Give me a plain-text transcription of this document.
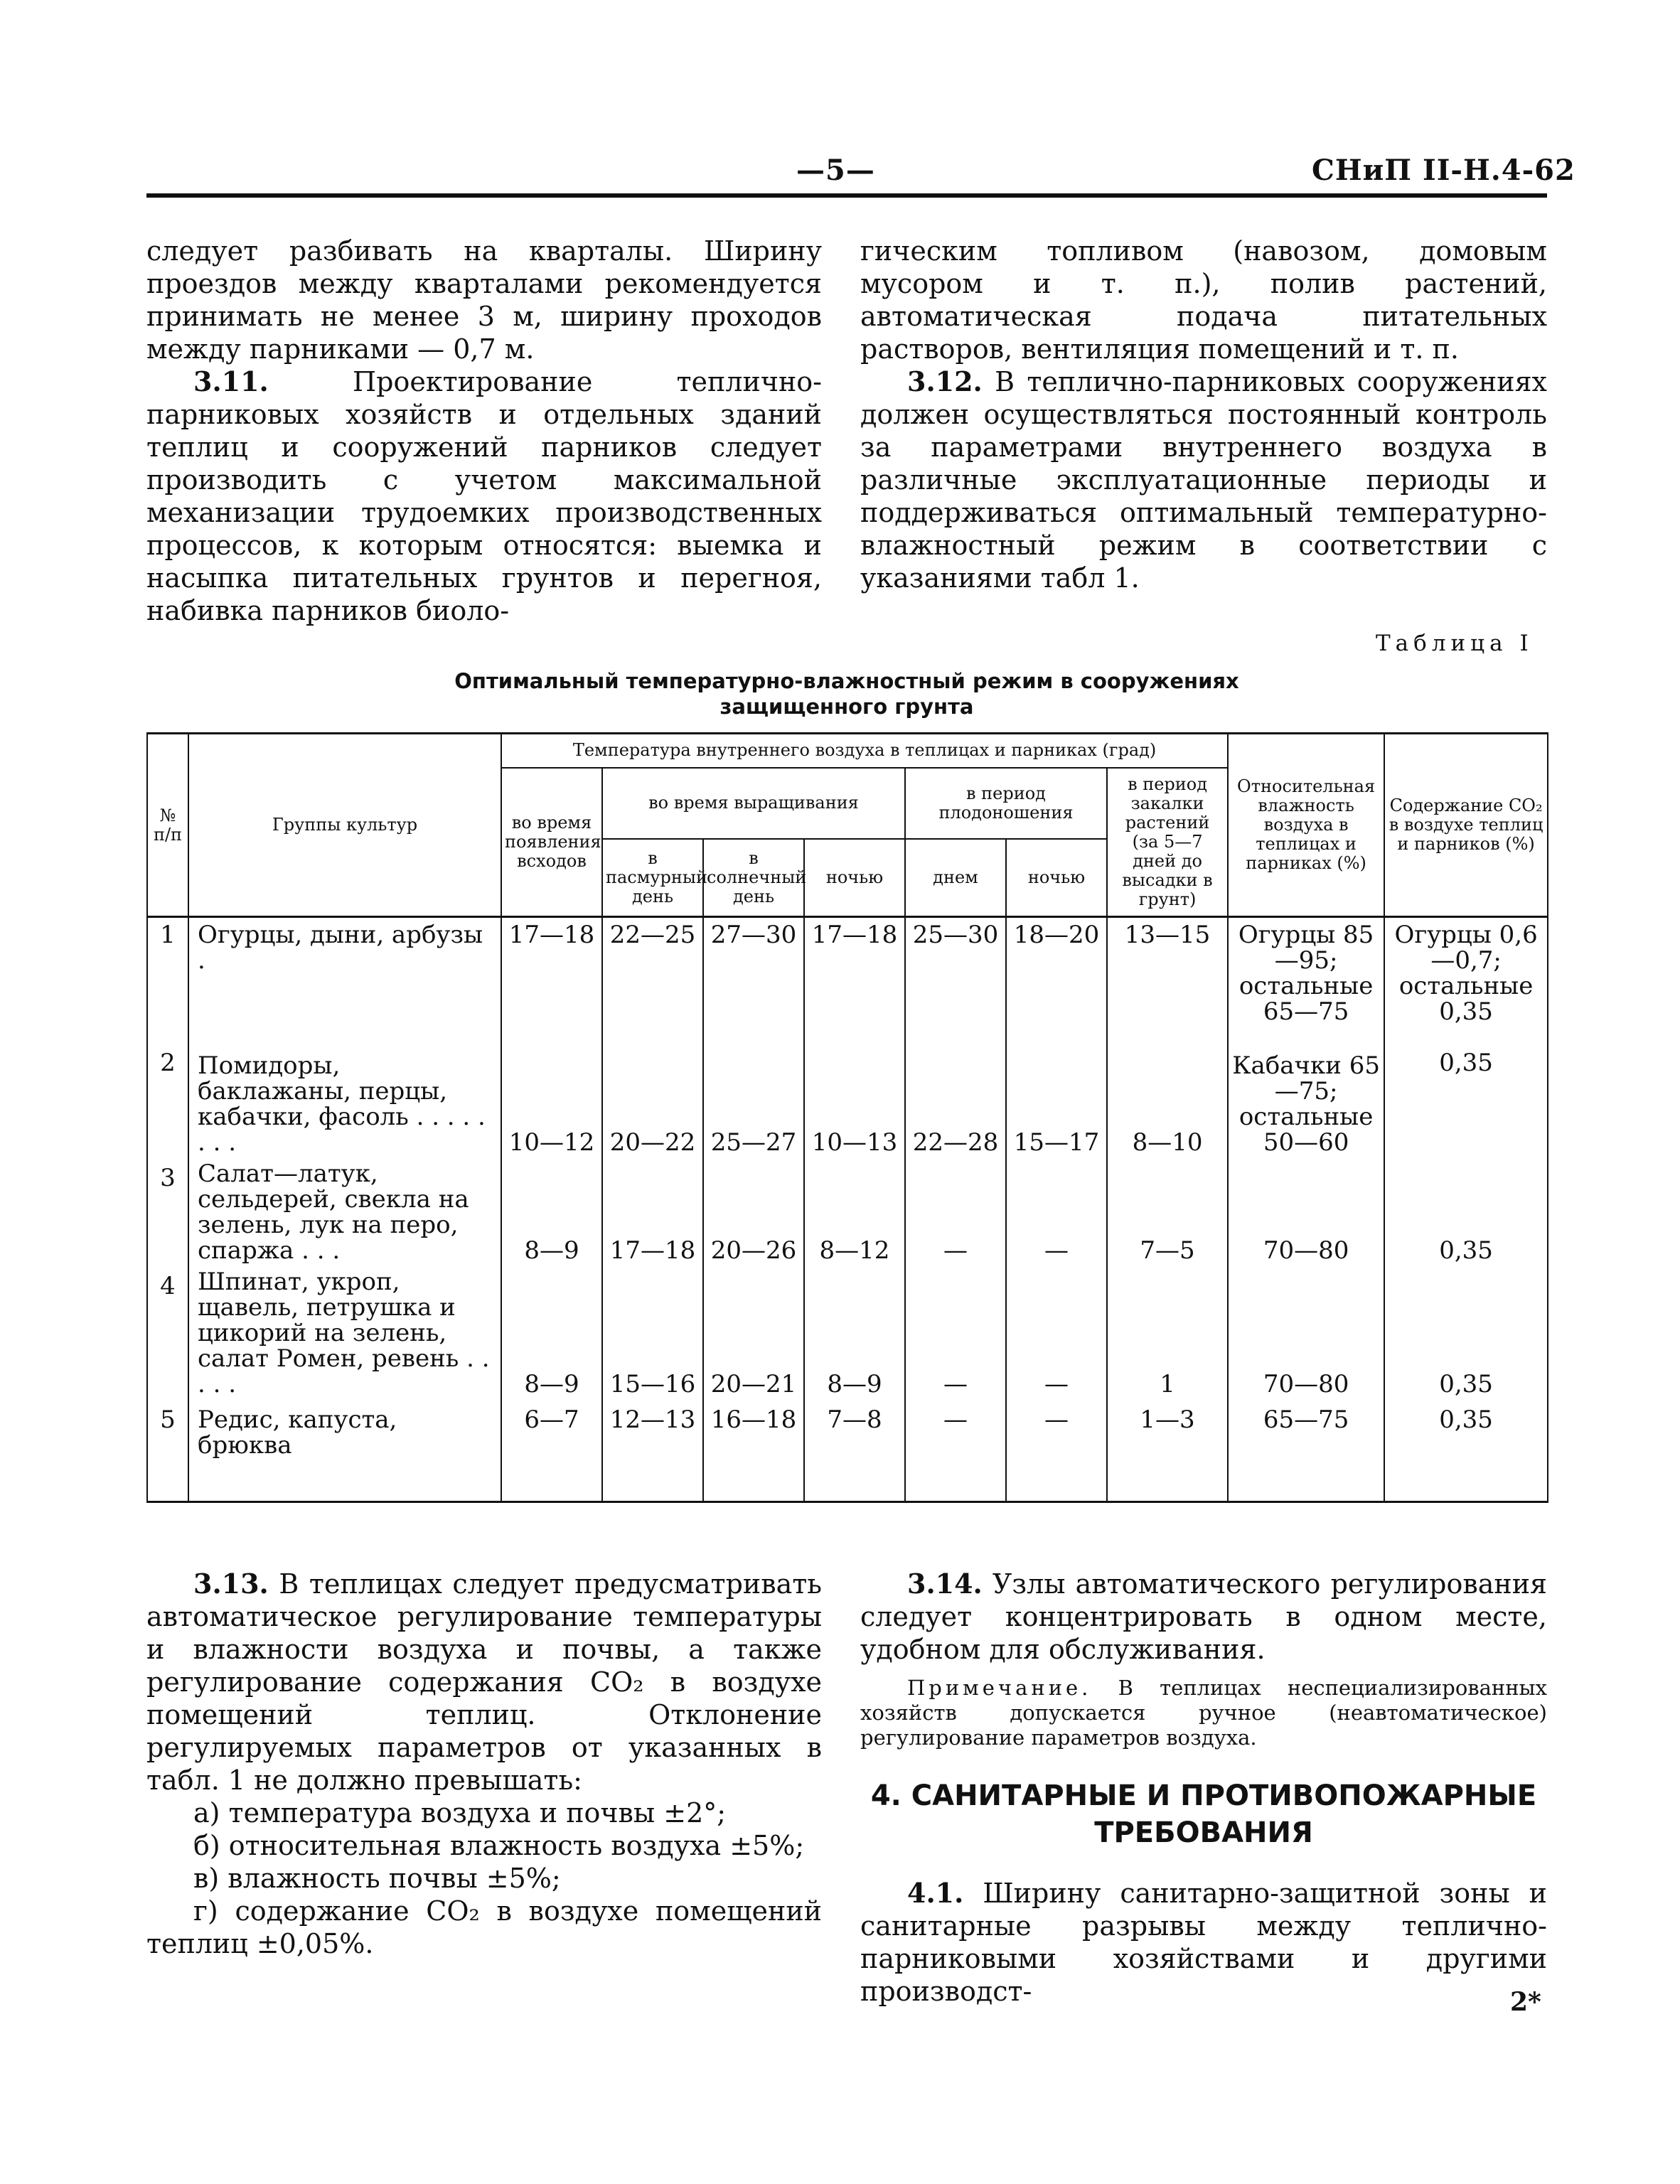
—5—	СНиП II-Н.4-62

следует разбивать на кварталы. Ширину проездов между кварталами рекомендуется принимать не менее 3 м, ширину проходов между парниками — 0,7 м.

3.11. Проектирование теплично-парниковых хозяйств и отдельных зданий теплиц и сооружений парников следует производить с учетом максимальной механизации трудоемких производственных процессов, к которым относятся: выемка и насыпка питательных грунтов и перегноя, набивка парников биоло-

гическим топливом (навозом, домовым мусором и т. п.), полив растений, автоматическая подача питательных растворов, вентиляция помещений и т. п.

3.12. В теплично-парниковых сооружениях должен осуществляться постоянный контроль за параметрами внутреннего воздуха в различные эксплуатационные периоды и поддерживаться оптимальный температурно-влажностный режим в соответствии с указаниями табл 1.

Таблица I
Оптимальный температурно-влажностный режим в сооружениях
защищенного грунта
№ п/п	Группы культур	Температура внутреннего воздуха в теплицах и парниках (град)							Относительная влажность воздуха в теплицах и парниках (%)	Содержание CO₂ в воздухе теплиц и парников (%)
		во время появления всходов	во время выращивания			в период плодоношения		в период закалки растений (за 5—7 дней до высадки в грунт)		
			в пасмурный день	в солнечный день	ночью	днем	ночью			
1	Огурцы, дыни, арбузы .	17—18	22—25	27—30	17—18	25—30	18—20	13—15	Огурцы 85—95; остальные 65—75	Огурцы 0,6—0,7; остальные 0,35
2	Помидоры, баклажаны, перцы, кабачки, фасоль . . . . . . . .	10—12	20—22	25—27	10—13	22—28	15—17	8—10	Кабачки 65—75; остальные 50—60	0,35
3	Салат—латук, сельдерей, свекла на зелень, лук на перо, спаржа . . .	8—9	17—18	20—26	8—12	—	—	7—5	70—80	0,35
4	Шпинат, укроп, щавель, петрушка и цикорий на зелень, салат Ромен, ревень . . . . .	8—9	15—16	20—21	8—9	—	—	1	70—80	0,35
5	Редис, капуста, брюква	6—7	12—13	16—18	7—8	—	—	1—3	65—75	0,35

3.13. В теплицах следует предусматривать автоматическое регулирование температуры и влажности воздуха и почвы, а также регулирование содержания CO₂ в воздухе помещений теплиц. Отклонение регулируемых параметров от указанных в табл. 1 не должно превышать:

а) температура воздуха и почвы ±2°;

б) относительная влажность воздуха ±5%;

в) влажность почвы ±5%;

г) содержание CO₂ в воздухе помещений теплиц ±0,05%.

3.14. Узлы автоматического регулирования следует концентрировать в одном месте, удобном для обслуживания.

Примечание. В теплицах неспециализированных хозяйств допускается ручное (неавтоматическое) регулирование параметров воздуха.

4. САНИТАРНЫЕ И ПРОТИВОПОЖАРНЫЕ
ТРЕБОВАНИЯ

4.1. Ширину санитарно-защитной зоны и санитарные разрывы между теплично-парниковыми хозяйствами и другими производст-	2*
